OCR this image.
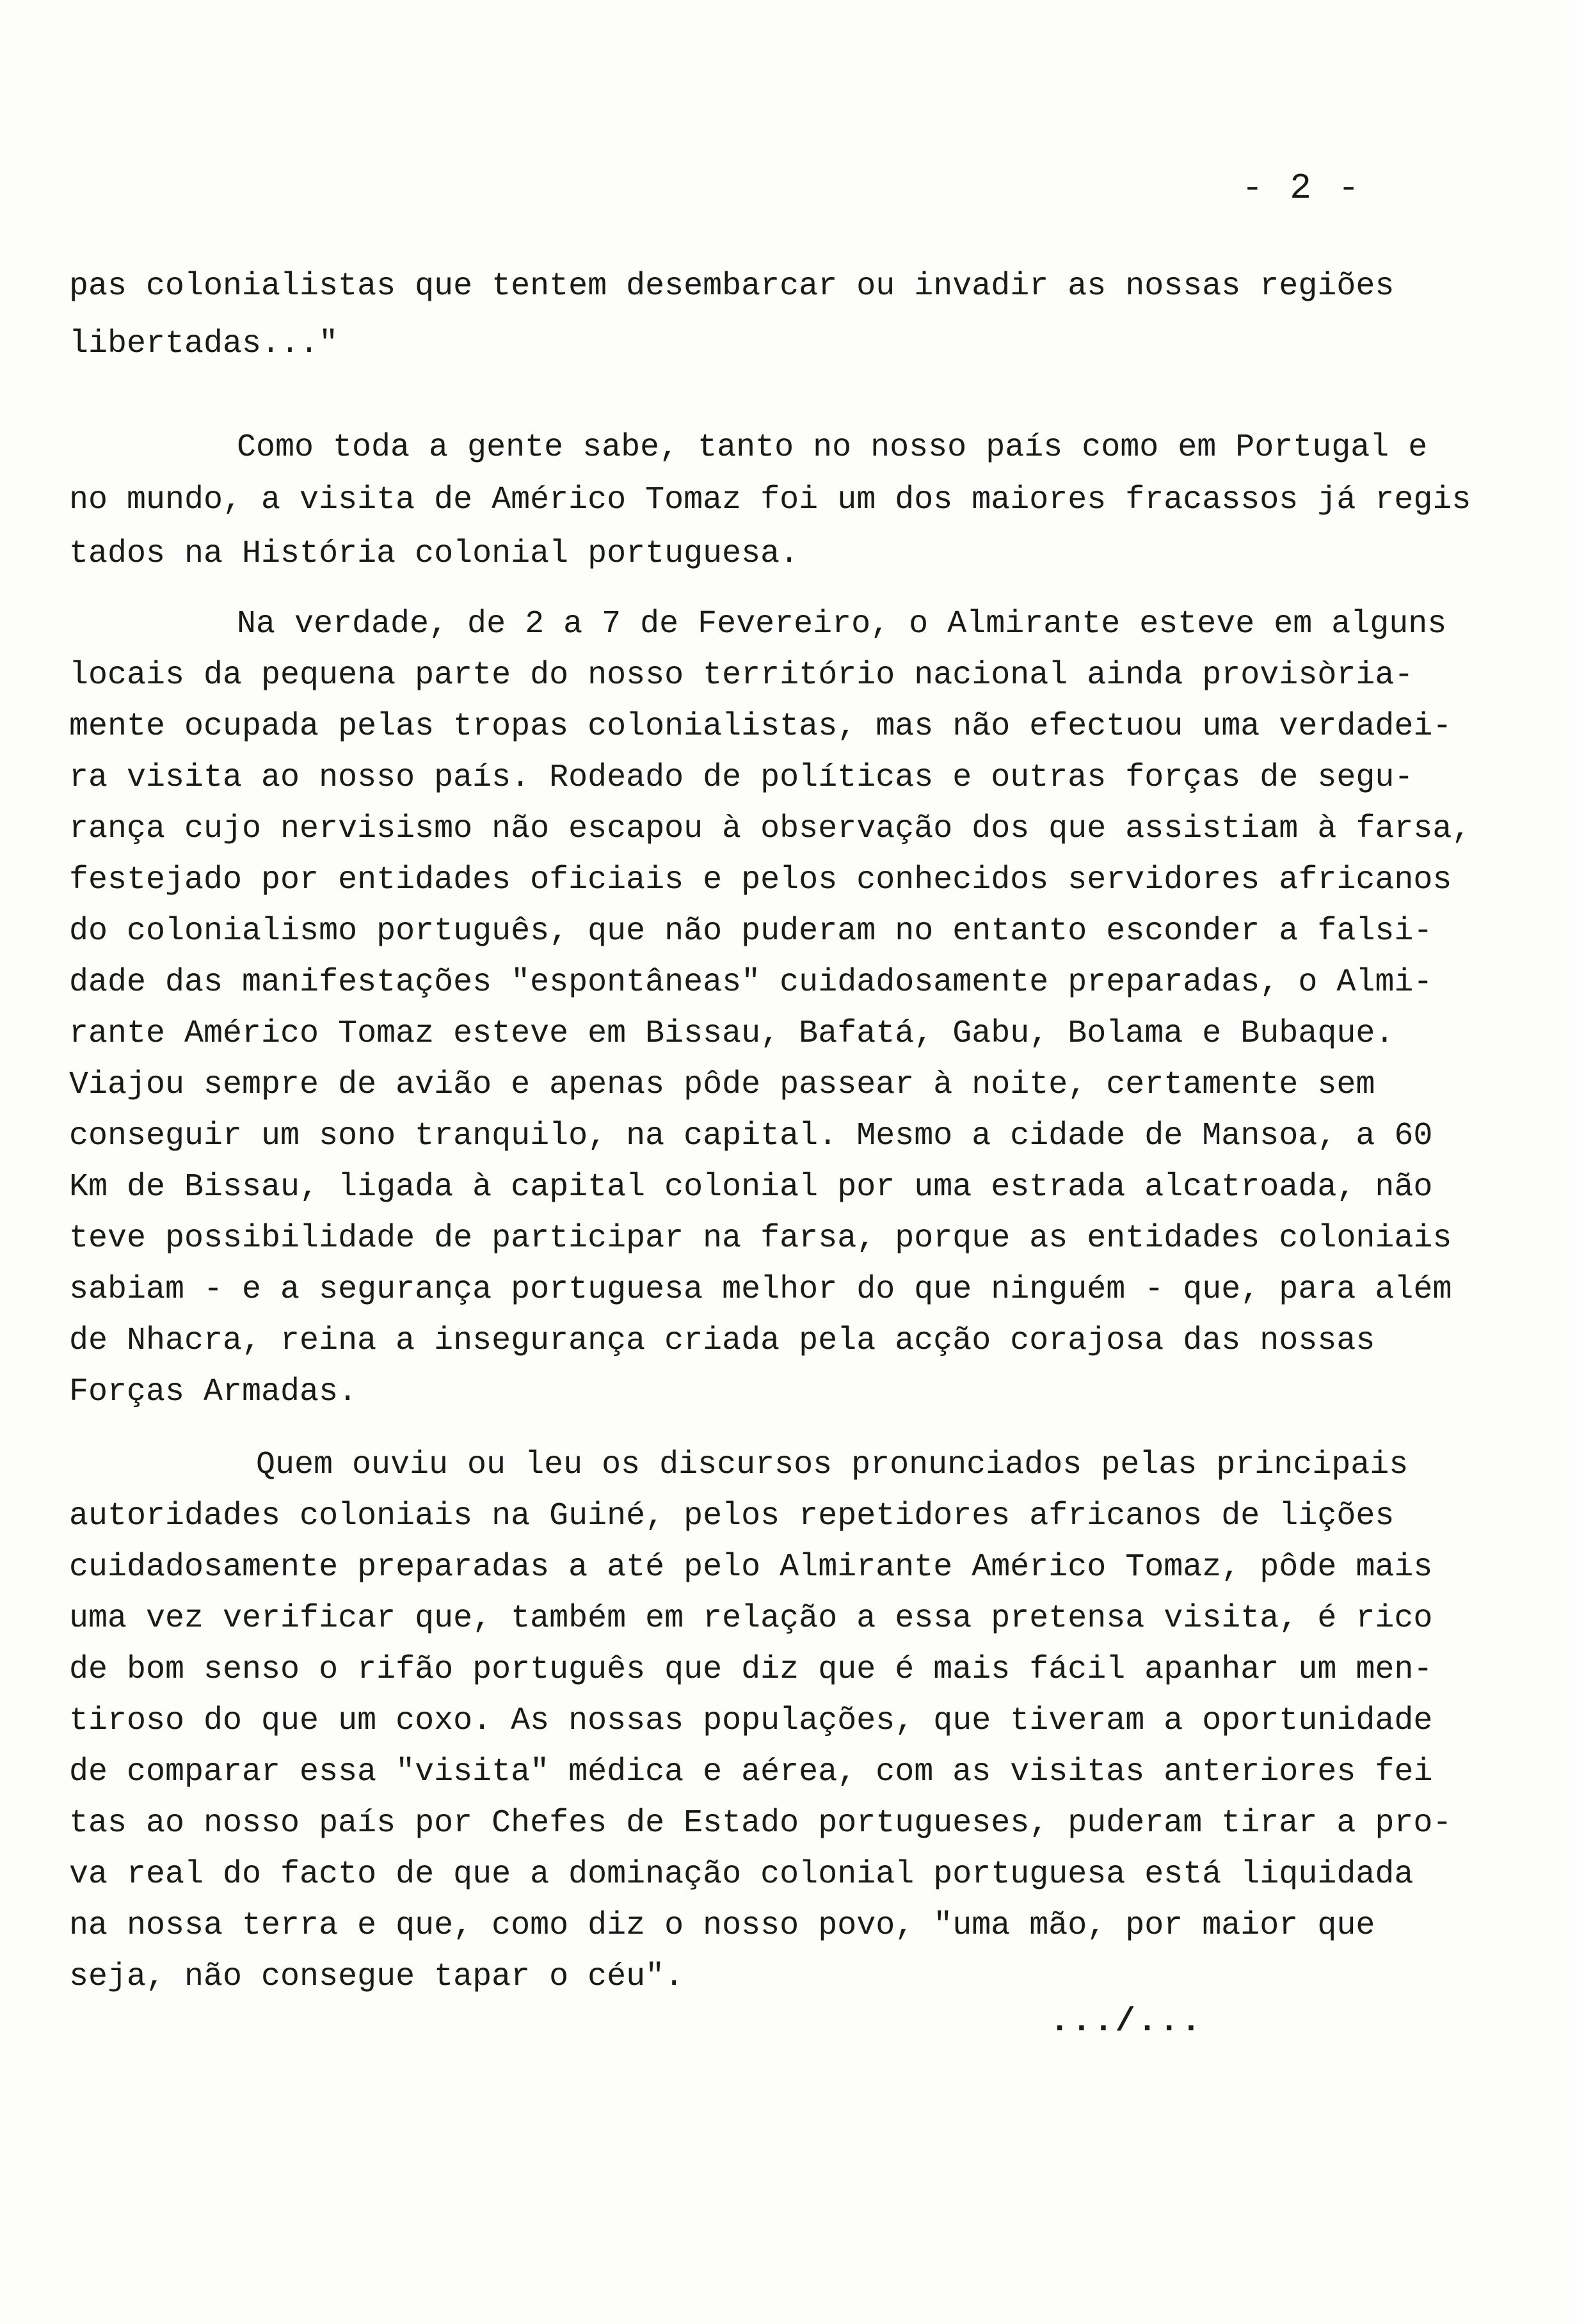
- 2 -
pas colonialistas que tentem desembarcar ou invadir as nossas regiões
libertadas..."
Como toda a gente sabe, tanto no nosso país como em Portugal e
no mundo, a visita de Américo Tomaz foi um dos maiores fracassos já regis
tados na História colonial portuguesa.
Na verdade, de 2 a 7 de Fevereiro, o Almirante esteve em alguns
locais da pequena parte do nosso território nacional ainda provisòria-
mente ocupada pelas tropas colonialistas, mas não efectuou uma verdadei-
ra visita ao nosso país. Rodeado de políticas e outras forças de segu-
rança cujo nervisismo não escapou à observação dos que assistiam à farsa,
festejado por entidades oficiais e pelos conhecidos servidores africanos
do colonialismo português, que não puderam no entanto esconder a falsi-
dade das manifestações "espontâneas" cuidadosamente preparadas, o Almi-
rante Américo Tomaz esteve em Bissau, Bafatá, Gabu, Bolama e Bubaque.
Viajou sempre de avião e apenas pôde passear à noite, certamente sem
conseguir um sono tranquilo, na capital. Mesmo a cidade de Mansoa, a 60
Km de Bissau, ligada à capital colonial por uma estrada alcatroada, não
teve possibilidade de participar na farsa, porque as entidades coloniais
sabiam - e a segurança portuguesa melhor do que ninguém - que, para além
de Nhacra, reina a insegurança criada pela acção corajosa das nossas
Forças Armadas.
Quem ouviu ou leu os discursos pronunciados pelas principais
autoridades coloniais na Guiné, pelos repetidores africanos de lições
cuidadosamente preparadas a até pelo Almirante Américo Tomaz, pôde mais
uma vez verificar que, também em relação a essa pretensa visita, é rico
de bom senso o rifão português que diz que é mais fácil apanhar um men-
tiroso do que um coxo. As nossas populações, que tiveram a oportunidade
de comparar essa "visita" médica e aérea, com as visitas anteriores fei
tas ao nosso país por Chefes de Estado portugueses, puderam tirar a pro-
va real do facto de que a dominação colonial portuguesa está liquidada
na nossa terra e que, como diz o nosso povo, "uma mão, por maior que
seja, não consegue tapar o céu".
.../...
